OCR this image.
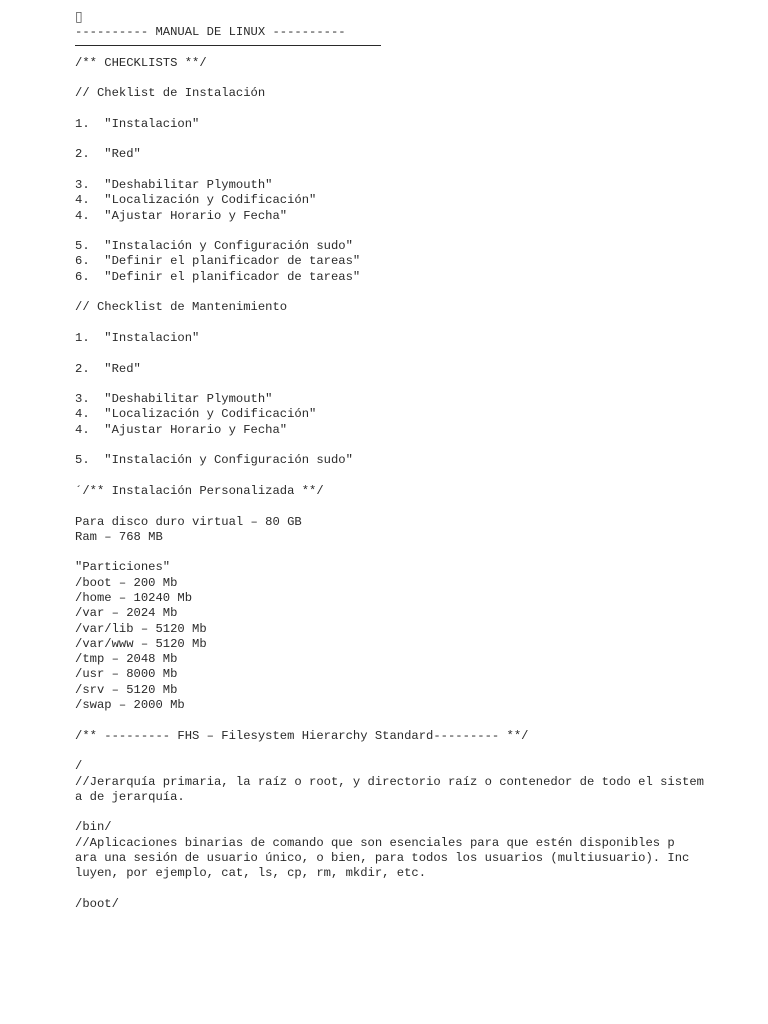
▯
---------- MANUAL DE LINUX ----------
/** CHECKLISTS **/
// Cheklist de Instalación
1.  "Instalacion"
2.  "Red"
3.  "Deshabilitar Plymouth"
4.  "Localización y Codificación"
4.  "Ajustar Horario y Fecha"
5.  "Instalación y Configuración sudo"
6.  "Definir el planificador de tareas"
6.  "Definir el planificador de tareas"
// Checklist de Mantenimiento
1.  "Instalacion"
2.  "Red"
3.  "Deshabilitar Plymouth"
4.  "Localización y Codificación"
4.  "Ajustar Horario y Fecha"
5.  "Instalación y Configuración sudo"
´/** Instalación Personalizada **/
Para disco duro virtual – 80 GB
Ram – 768 MB
"Particiones"
/boot – 200 Mb
/home – 10240 Mb
/var – 2024 Mb
/var/lib – 5120 Mb
/var/www – 5120 Mb
/tmp – 2048 Mb
/usr – 8000 Mb
/srv – 5120 Mb
/swap – 2000 Mb
/** --------- FHS – Filesystem Hierarchy Standard--------- **/
/
//Jerarquía primaria, la raíz o root, y directorio raíz o contenedor de todo el sistem
a de jerarquía.
/bin/
//Aplicaciones binarias de comando que son esenciales para que estén disponibles p
ara una sesión de usuario único, o bien, para todos los usuarios (multiusuario). Inc
luyen, por ejemplo, cat, ls, cp, rm, mkdir, etc.
/boot/
